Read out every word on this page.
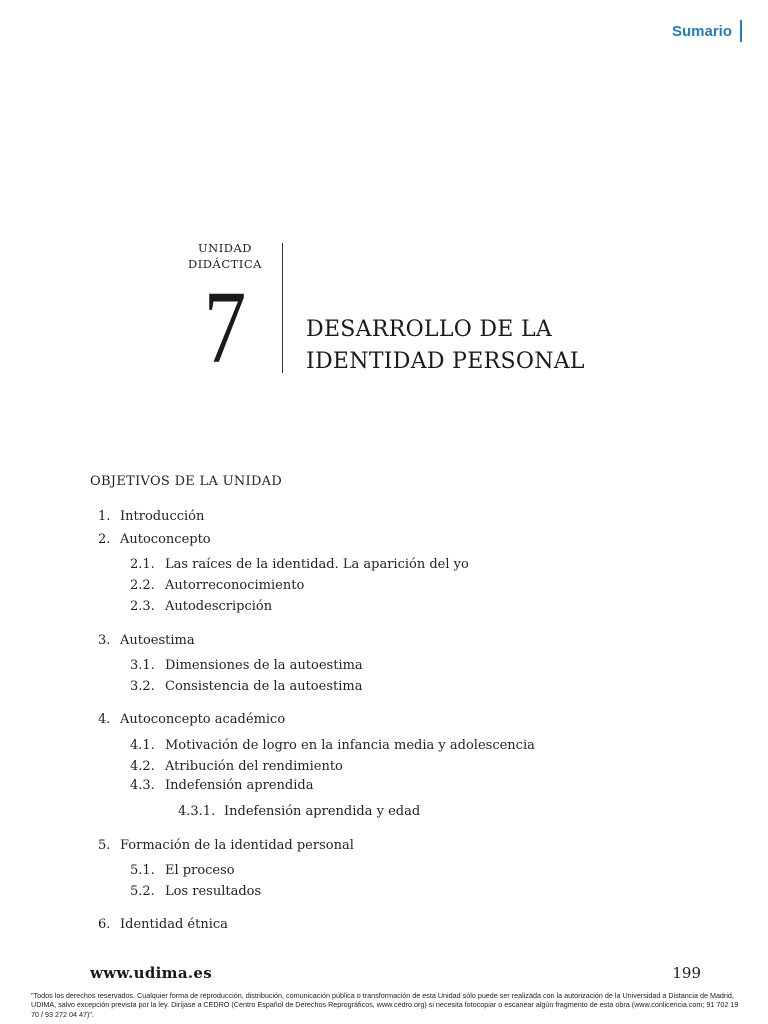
Sumario
UNIDAD
DIDÁCTICA
7	DESARROLLO DE LA
IDENTIDAD PERSONAL
OBJETIVOS DE LA UNIDAD
1. Introducción
2. Autoconcepto
2.1. Las raíces de la identidad. La aparición del yo
2.2. Autorreconocimiento
2.3. Autodescripción
3. Autoestima
3.1. Dimensiones de la autoestima
3.2. Consistencia de la autoestima
4. Autoconcepto académico
4.1. Motivación de logro en la infancia media y adolescencia
4.2. Atribución del rendimiento
4.3. Indefensión aprendida
4.3.1. Indefensión aprendida y edad
5. Formación de la identidad personal
5.1. El proceso
5.2. Los resultados
6. Identidad étnica
www.udima.es	199
"Todos los derechos reservados. Cualquier forma de reproducción, distribución, comunicación pública o transformación de esta Unidad sólo puede ser realizada con la autorización de la Universidad a Distancia de Madrid, UDIMA, salvo excepción prevista por la ley. Diríjase a CEDRO (Centro Español de Derechos Reprográficos, www.cedro.org) si necesita fotocopiar o escanear algún fragmento de esta obra (www.conlicencia.com; 91 702 19 70 / 93 272 04 47)".
